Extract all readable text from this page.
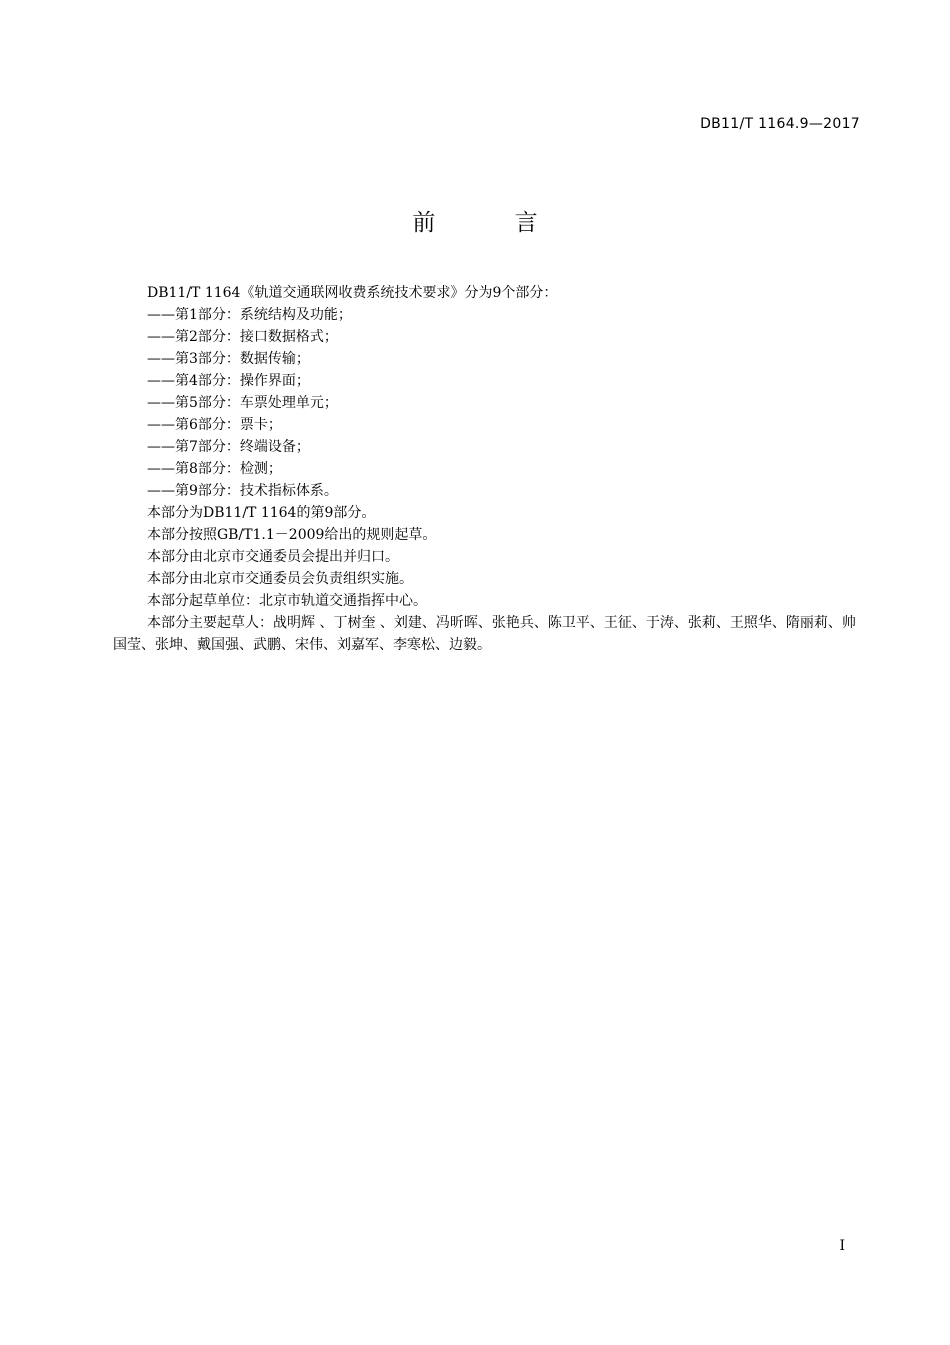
DB11/T 1164.9—2017
前 言

DB11/T 1164《轨道交通联网收费系统技术要求》分为9个部分：

——第1部分：系统结构及功能；

——第2部分：接口数据格式；

——第3部分：数据传输；

——第4部分：操作界面；

——第5部分：车票处理单元；

——第6部分：票卡；

——第7部分：终端设备；

——第8部分：检测；

——第9部分：技术指标体系。

本部分为DB11/T 1164的第9部分。

本部分按照GB/T1.1－2009给出的规则起草。

本部分由北京市交通委员会提出并归口。

本部分由北京市交通委员会负责组织实施。

本部分起草单位：北京市轨道交通指挥中心。

本部分主要起草人：战明辉 、丁树奎 、刘建、冯昕晖、张艳兵、陈卫平、王征、于涛、张莉、王照华、隋丽莉、帅国莹、张坤、戴国强、武鹏、宋伟、刘嘉军、李寒松、边毅。

I
